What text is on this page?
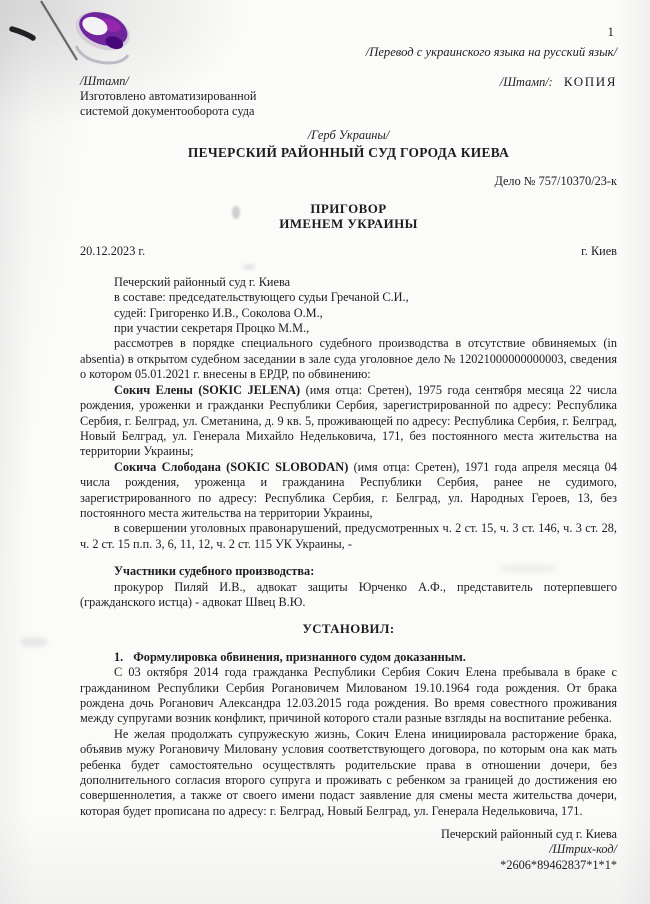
1
/Перевод с украинского языка на русский язык/
/Штамп/
Изготовлено автоматизированной
системой документооборота суда
/Штамп/: КОПИЯ
/Герб Украины/
ПЕЧЕРСКИЙ РАЙОННЫЙ СУД ГОРОДА КИЕВА
Дело № 757/10370/23-к
ПРИГОВОР
ИМЕНЕМ УКРАИНЫ
20.12.2023 г.	г. Киев

Печерский районный суд г. Киева

в составе: председательствующего судьи Гречаной С.И.,

судей: Григоренко И.В., Соколова О.М.,

при участии секретаря Процко М.М.,

рассмотрев в порядке специального судебного производства в отсутствие обвиняемых (in absentia) в открытом судебном заседании в зале суда уголовное дело № 12021000000000003, сведения о котором 05.01.2021 г. внесены в ЕРДР, по обвинению:

Сокич Елены (SOKIC JELENA) (имя отца: Сретен), 1975 года сентября месяца 22 числа рождения, уроженки и гражданки Республики Сербия, зарегистрированной по адресу: Республика Сербия, г. Белград, ул. Сметанина, д. 9 кв. 5, проживающей по адресу: Республика Сербия, г. Белград, Новый Белград, ул. Генерала Михайло Недельковича, 171, без постоянного места жительства на территории Украины;

Сокича Слободана (SOKIC SLOBODAN) (имя отца: Сретен), 1971 года апреля месяца 04 числа рождения, уроженца и гражданина Республики Сербия, ранее не судимого, зарегистрированного по адресу: Республика Сербия, г. Белград, ул. Народных Героев, 13, без постоянного места жительства на территории Украины,

в совершении уголовных правонарушений, предусмотренных ч. 2 ст. 15, ч. 3 ст. 146, ч. 3 ст. 28, ч. 2 ст. 15 п.п. 3, 6, 11, 12, ч. 2 ст. 115 УК Украины, -

Участники судебного производства:

прокурор Пиляй И.В., адвокат защиты Юрченко А.Ф., представитель потерпевшего (гражданского истца) - адвокат Швец В.Ю.

УСТАНОВИЛ:

1. Формулировка обвинения, признанного судом доказанным.

С 03 октября 2014 года гражданка Республики Сербия Сокич Елена пребывала в браке с гражданином Республики Сербия Рогановичем Милованом 19.10.1964 года рождения. От брака рождена дочь Роганович Александра 12.03.2015 года рождения. Во время совестного проживания между супругами возник конфликт, причиной которого стали разные взгляды на воспитание ребенка.

Не желая продолжать супружескую жизнь, Сокич Елена инициировала расторжение брака, объявив мужу Рогановичу Миловану условия соответствующего договора, по которым она как мать ребенка будет самостоятельно осуществлять родительские права в отношении дочери, без дополнительного согласия второго супруга и проживать с ребенком за границей до достижения ею совершеннолетия, а также от своего имени подаст заявление для смены места жительства дочери, которая будет прописана по адресу: г. Белград, Новый Белград, ул. Генерала Недельковича, 171.

Печерский районный суд г. Киева
/Штрих-код/
*2606*89462837*1*1*
